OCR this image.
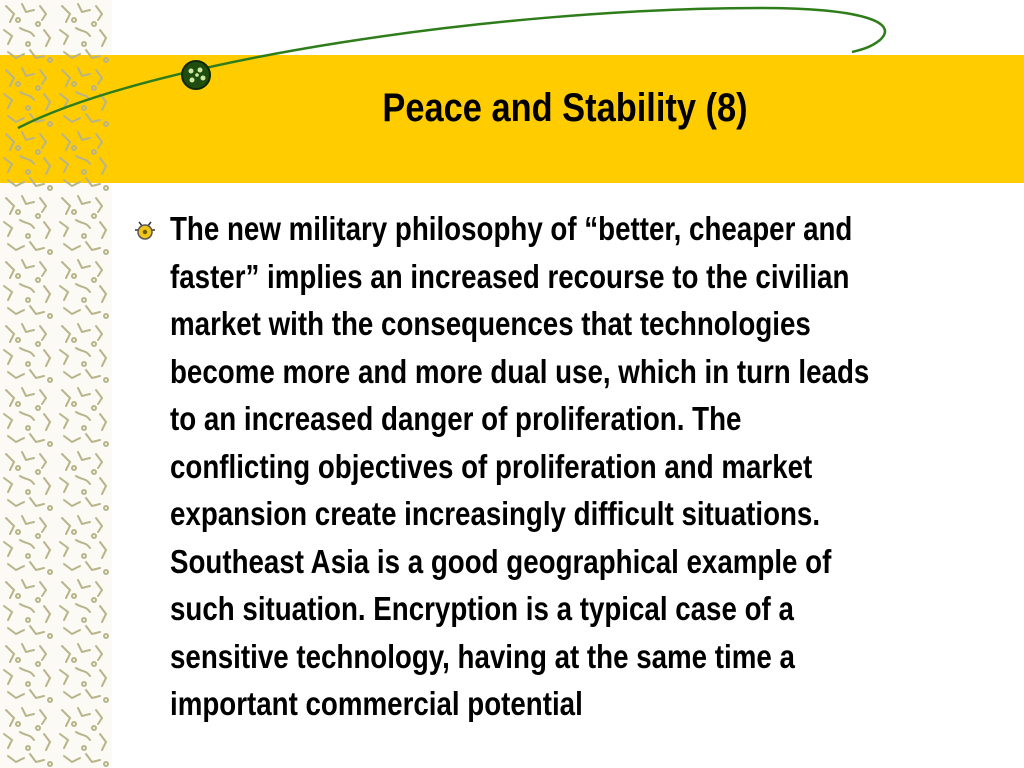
Peace and Stability (8)

The new military philosophy of “better, cheaper and
faster” implies an increased recourse to the civilian
market with the consequences that technologies
become more and more dual use, which in turn leads
to an increased danger of proliferation. The
conflicting objectives of proliferation and market
expansion create increasingly difficult situations.
Southeast Asia is a good geographical example of
such situation. Encryption is a typical case of a
sensitive technology, having at the same time a
important commercial potential
